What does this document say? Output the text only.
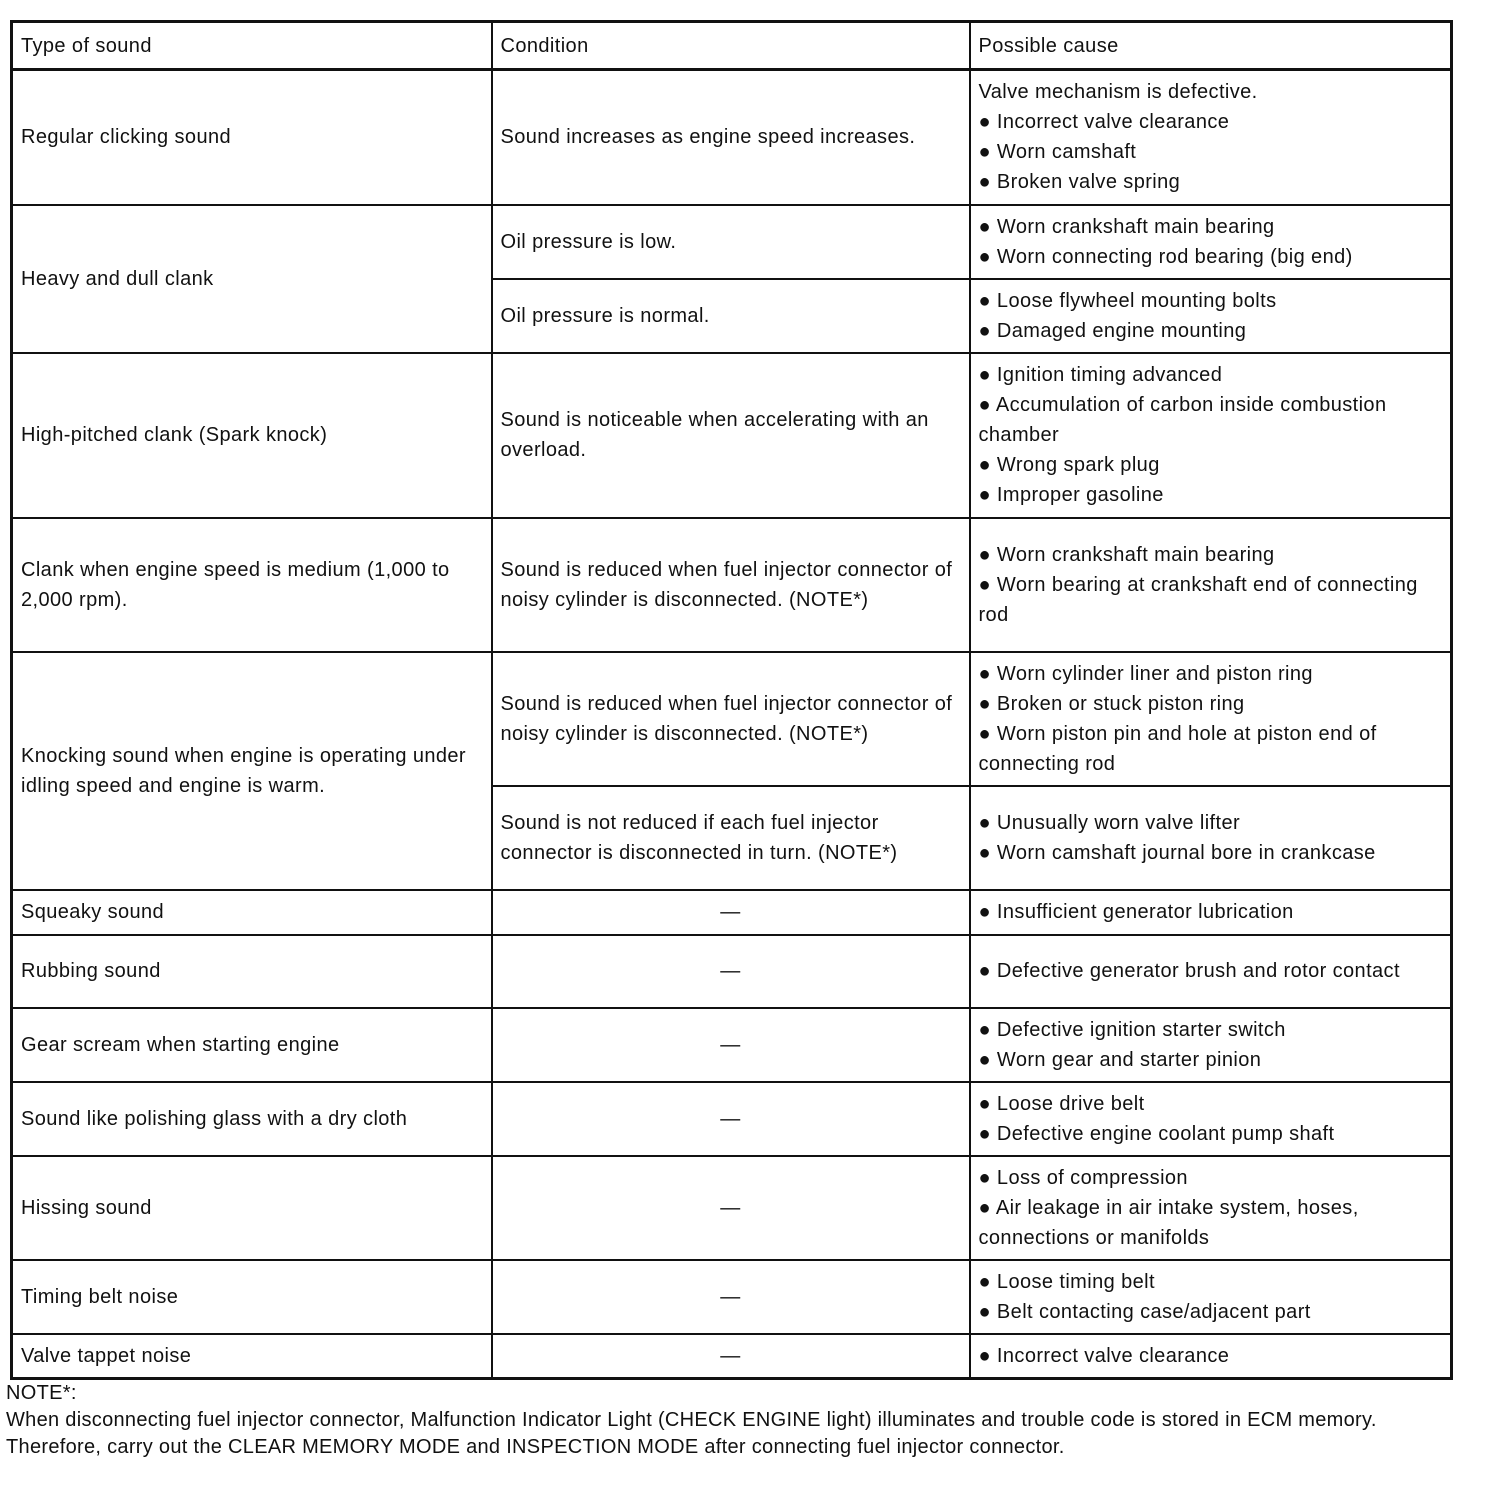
Type of sound	Condition	Possible cause
Regular clicking sound	Sound increases as engine speed increases.	Valve mechanism is defective.
● Incorrect valve clearance
● Worn camshaft
● Broken valve spring

Heavy and dull clank	Oil pressure is low.	● Worn crankshaft main bearing
● Worn connecting rod bearing (big end)

	Oil pressure is normal.	● Loose flywheel mounting bolts
● Damaged engine mounting

High-pitched clank (Spark knock)	Sound is noticeable when accelerating with an overload.	● Ignition timing advanced
● Accumulation of carbon inside combustion chamber
● Wrong spark plug
● Improper gasoline

Clank when engine speed is medium (1,000 to 2,000 rpm).	Sound is reduced when fuel injector connector of noisy cylinder is disconnected. (NOTE*)	● Worn crankshaft main bearing
● Worn bearing at crankshaft end of connecting rod

Knocking sound when engine is operating under idling speed and engine is warm.	Sound is reduced when fuel injector connector of noisy cylinder is disconnected. (NOTE*)	● Worn cylinder liner and piston ring
● Broken or stuck piston ring
● Worn piston pin and hole at piston end of connecting rod

	Sound is not reduced if each fuel injector connector is disconnected in turn. (NOTE*)	● Unusually worn valve lifter
● Worn camshaft journal bore in crankcase

Squeaky sound	—	● Insufficient generator lubrication

Rubbing sound	—	● Defective generator brush and rotor contact

Gear scream when starting engine	—	● Defective ignition starter switch
● Worn gear and starter pinion

Sound like polishing glass with a dry cloth	—	● Loose drive belt
● Defective engine coolant pump shaft

Hissing sound	—	● Loss of compression
● Air leakage in air intake system, hoses, connections or manifolds

Timing belt noise	—	● Loose timing belt
● Belt contacting case/adjacent part

Valve tappet noise	—	● Incorrect valve clearance
NOTE*:
When disconnecting fuel injector connector, Malfunction Indicator Light (CHECK ENGINE light) illuminates and trouble code is stored in ECM memory.
Therefore, carry out the CLEAR MEMORY MODE and INSPECTION MODE after connecting fuel injector connector.
